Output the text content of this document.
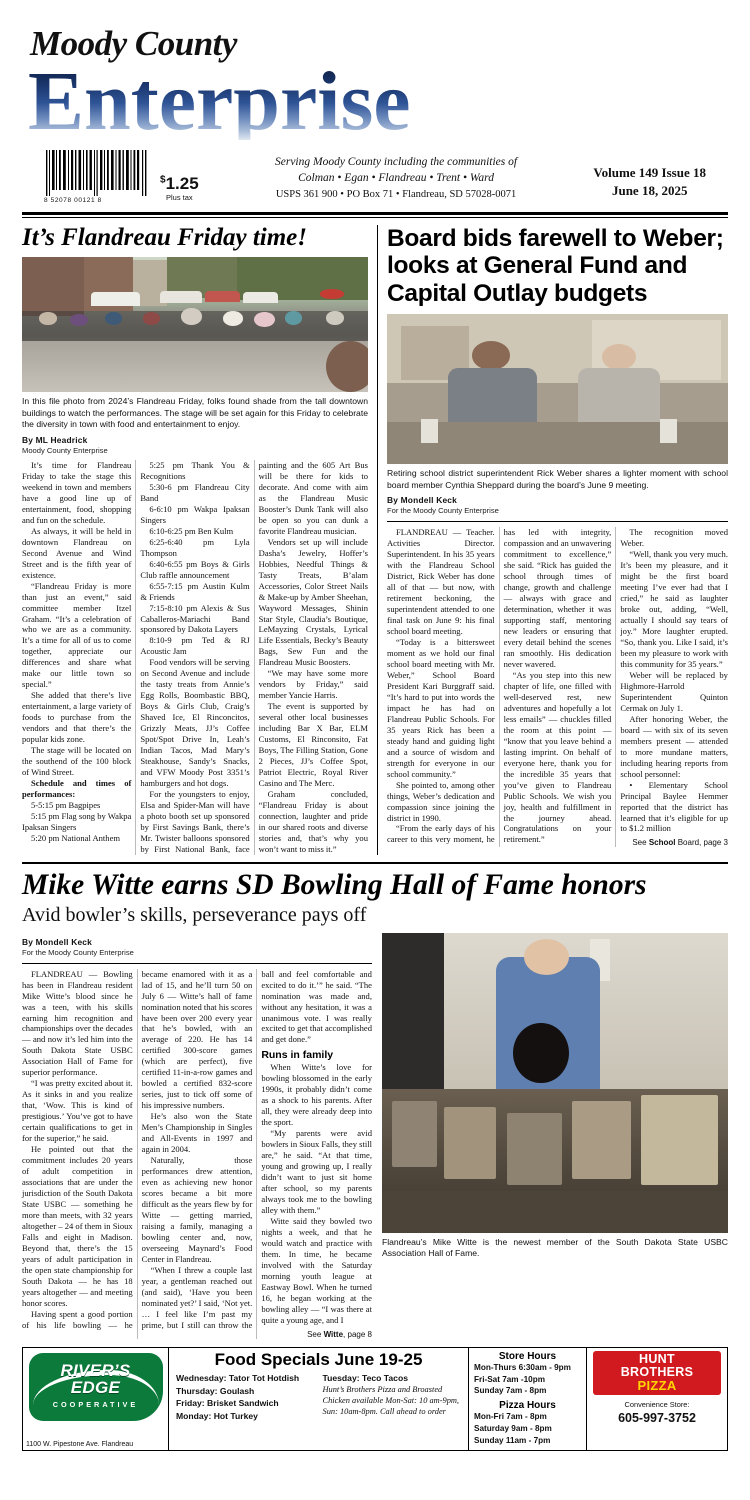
Moody County
Enterprise
8 52078 00121 8
$1.25
Plus tax
Serving Moody County including the communities of
Colman • Egan • Flandreau • Trent • Ward
USPS 361 900 • PO Box 71 • Flandreau, SD 57028-0071
Volume 149 Issue 18
June 18, 2025
It’s Flandreau Friday time!
In this file photo from 2024’s Flandreau Friday, folks found shade from the tall downtown buildings to watch the performances. The stage will be set again for this Friday to celebrate the diversity in town with food and entertainment to enjoy.
By ML Headrick
Moody County Enterprise

It’s time for Flandreau Friday to take the stage this weekend in town and members have a good line up of entertainment, food, shopping and fun on the schedule.

As always, it will be held in downtown Flandreau on Second Avenue and Wind Street and is the fifth year of existence.

“Flandreau Friday is more than just an event,” said committee member Itzel Graham. “It’s a celebration of who we are as a community. It’s a time for all of us to come together, appreciate our differences and share what make our little town so special.”

She added that there’s live entertainment, a large variety of foods to purchase from the vendors and that there’s the popular kids zone.

The stage will be located on the southend of the 100 block of Wind Street.

Schedule and times of performances:

5-5:15 pm Bagpipes

5:15 pm Flag song by Wakpa Ipaksan Singers

5:20 pm National Anthem

5:25 pm Thank You & Recognitions

5:30-6 pm Flandreau City Band

6-6:10 pm Wakpa Ipaksan Singers

6:10-6:25 pm Ben Kulm

6:25-6:40 pm Lyla Thompson

6:40-6:55 pm Boys & Girls Club raffle announcement

6:55-7:15 pm Austin Kulm & Friends

7:15-8:10 pm Alexis & Sus Caballeros-Mariachi Band sponsored by Dakota Layers

8:10-9 pm Ted & RJ Acoustic Jam

Food vendors will be serving on Second Avenue and include the tasty treats from Annie’s Egg Rolls, Boombastic BBQ, Boys & Girls Club, Craig’s Shaved Ice, El Rinconcitos, Grizzly Meats, JJ’s Coffee Spot/Spot Drive In, Leah’s Indian Tacos, Mad Mary’s Steakhouse, Sandy’s Snacks, and VFW Moody Post 3351’s hamburgers and hot dogs.

For the youngsters to enjoy, Elsa and Spider-Man will have a photo booth set up sponsored by First Savings Bank, there’s Mr. Twister balloons sponsored by First National Bank, face painting and the 605 Art Bus will be there for kids to decorate. And come with aim as the Flandreau Music Booster’s Dunk Tank will also be open so you can dunk a favorite Flandreau musician.

Vendors set up will include Dasha’s Jewelry, Hoffer’s Hobbies, Needful Things & Tasty Treats, B’alam Accessories, Color Street Nails & Make-up by Amber Sheehan, Wayword Messages, Shinin Star Style, Claudia’s Boutique, LeMayzing Crystals, Lyrical Life Essentials, Becky’s Beauty Bags, Sew Fun and the Flandreau Music Boosters.

“We may have some more vendors by Friday,” said member Yancie Harris.

The event is supported by several other local businesses including Bar X Bar, ELM Customs, El Rinconsito, Fat Boys, The Filling Station, Gone 2 Pieces, JJ’s Coffee Spot, Patriot Electric, Royal River Casino and The Merc.

Graham concluded, “Flandreau Friday is about connection, laughter and pride in our shared roots and diverse stories and, that’s why you won’t want to miss it.”

Board bids farewell to Weber; looks at General Fund and Capital Outlay budgets
Retiring school district superintendent Rick Weber shares a lighter moment with school board member Cynthia Sheppard during the board’s June 9 meeting.
By Mondell Keck
For the Moody County Enterprise

FLANDREAU — Teacher. Activities Director. Superintendent. In his 35 years with the Flandreau School District, Rick Weber has done all of that — but now, with retirement beckoning, the superintendent attended to one final task on June 9: his final school board meeting.

“Today is a bittersweet moment as we hold our final school board meeting with Mr. Weber,” School Board President Kari Burggraff said. “It’s hard to put into words the impact he has had on Flandreau Public Schools. For 35 years Rick has been a steady hand and guiding light and a source of wisdom and strength for everyone in our school community.”

She pointed to, among other things, Weber’s dedication and compassion since joining the district in 1990.

“From the early days of his career to this very moment, he has led with integrity, compassion and an unwavering commitment to excellence,” she said. “Rick has guided the school through times of change, growth and challenge — always with grace and determination, whether it was supporting staff, mentoring new leaders or ensuring that every detail behind the scenes ran smoothly. His dedication never wavered.

“As you step into this new chapter of life, one filled with well-deserved rest, new adventures and hopefully a lot less emails” — chuckles filled the room at this point — “know that you leave behind a lasting imprint. On behalf of everyone here, thank you for the incredible 35 years that you’ve given to Flandreau Public Schools. We wish you joy, health and fulfillment in the journey ahead. Congratulations on your retirement.”

The recognition moved Weber.

“Well, thank you very much. It’s been my pleasure, and it might be the first board meeting I’ve ever had that I cried,” he said as laughter broke out, adding, “Well, actually I should say tears of joy.” More laughter erupted. “So, thank you. Like I said, it’s been my pleasure to work with this community for 35 years.”

Weber will be replaced by Highmore-Harrold Superintendent Quinton Cermak on July 1.

After honoring Weber, the board — with six of its seven members present — attended to more mundane matters, including hearing reports from school personnel:

• Elementary School Principal Baylee Hemmer reported that the district has learned that it’s eligible for up to $1.2 million

See School Board, page 3
Mike Witte earns SD Bowling Hall of Fame honors
Avid bowler’s skills, perseverance pays off
By Mondell Keck
For the Moody County Enterprise

FLANDREAU — Bowling has been in Flandreau resident Mike Witte’s blood since he was a teen, with his skills earning him recognition and championships over the decades — and now it’s led him into the South Dakota State USBC Association Hall of Fame for superior performance.

“I was pretty excited about it. As it sinks in and you realize that, ‘Wow. This is kind of prestigious.’ You’ve got to have certain qualifications to get in for the superior,” he said.

He pointed out that the commitment includes 20 years of adult competition in associations that are under the jurisdiction of the South Dakota State USBC — something he more than meets, with 32 years altogether – 24 of them in Sioux Falls and eight in Madison. Beyond that, there’s the 15 years of adult participation in the open state championship for South Dakota — he has 18 years altogether — and meeting honor scores.

Having spent a good portion of his life bowling — he became enamored with it as a lad of 15, and he’ll turn 50 on July 6 — Witte’s hall of fame nomination noted that his scores have been over 200 every year that he’s bowled, with an average of 220. He has 14 certified 300-score games (which are perfect), five certified 11-in-a-row games and bowled a certified 832-score series, just to tick off some of his impressive numbers.

He’s also won the State Men’s Championship in Singles and All-Events in 1997 and again in 2004.

Naturally, those performances drew attention, even as achieving new honor scores became a bit more difficult as the years flew by for Witte — getting married, raising a family, managing a bowling center and, now, overseeing Maynard’s Food Center in Flandreau.

“When I threw a couple last year, a gentleman reached out (and said), ‘Have you been nominated yet?’ I said, ‘Not yet. … I feel like I’m past my prime, but I still can throw the ball and feel comfortable and excited to do it.’” he said. “The nomination was made and, without any hesitation, it was a unanimous vote. I was really excited to get that accomplished and get done.”

Runs in family

When Witte’s love for bowling blossomed in the early 1990s, it probably didn’t come as a shock to his parents. After all, they were already deep into the sport.

“My parents were avid bowlers in Sioux Falls, they still are,” he said. “At that time, young and growing up, I really didn’t want to just sit home after school, so my parents always took me to the bowling alley with them.”

Witte said they bowled two nights a week, and that he would watch and practice with them. In time, he became involved with the Saturday morning youth league at Eastway Bowl. When he turned 16, he began working at the bowling alley — “I was there at quite a young age, and I

See Witte, page 8
Flandreau’s Mike Witte is the newest member of the South Dakota State USBC Association Hall of Fame.
RIVER’S
EDGE
COOPERATIVE
1100 W. Pipestone Ave. Flandreau
Food Specials June 19-25
Wednesday: Tator Tot Hotdish
Thursday: Goulash
Friday: Brisket Sandwich
Monday: Hot Turkey
Tuesday: Teco Tacos
Hunt’s Brothers Pizza and Broasted Chicken available Mon-Sat: 10 am-9pm, Sun: 10am-8pm. Call ahead to order
Store Hours
Mon-Thurs 6:30am - 9pm
Fri-Sat 7am -10pm
Sunday 7am - 8pm
Pizza Hours
Mon-Fri 7am - 8pm
Saturday 9am - 8pm
Sunday 11am - 7pm
HUNT
BROTHERS
PIZZA
Convenience Store:
605-997-3752
